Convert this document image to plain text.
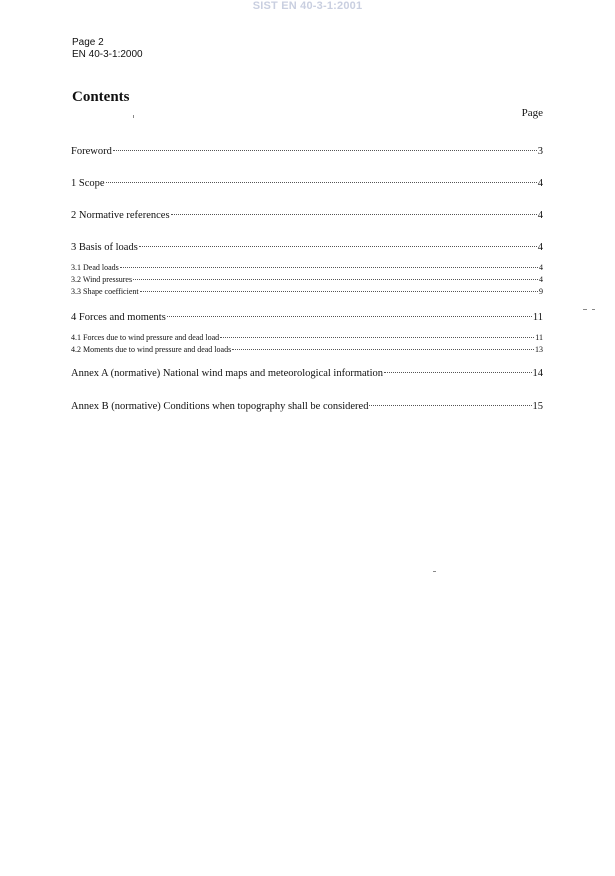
SIST EN 40-3-1:2001
Page 2
EN 40-3-1:2000
Contents
Page
Foreword	3
1 Scope	4
2 Normative references	4
3 Basis of loads	4
3.1 Dead loads	4
3.2 Wind pressures	4
3.3 Shape coefficient	9
4 Forces and moments	11
4.1 Forces due to wind pressure and dead load	11
4.2 Moments due to wind pressure and dead loads	13
Annex A (normative) National wind maps and meteorological information	14
Annex B (normative) Conditions when topography shall be considered	15
